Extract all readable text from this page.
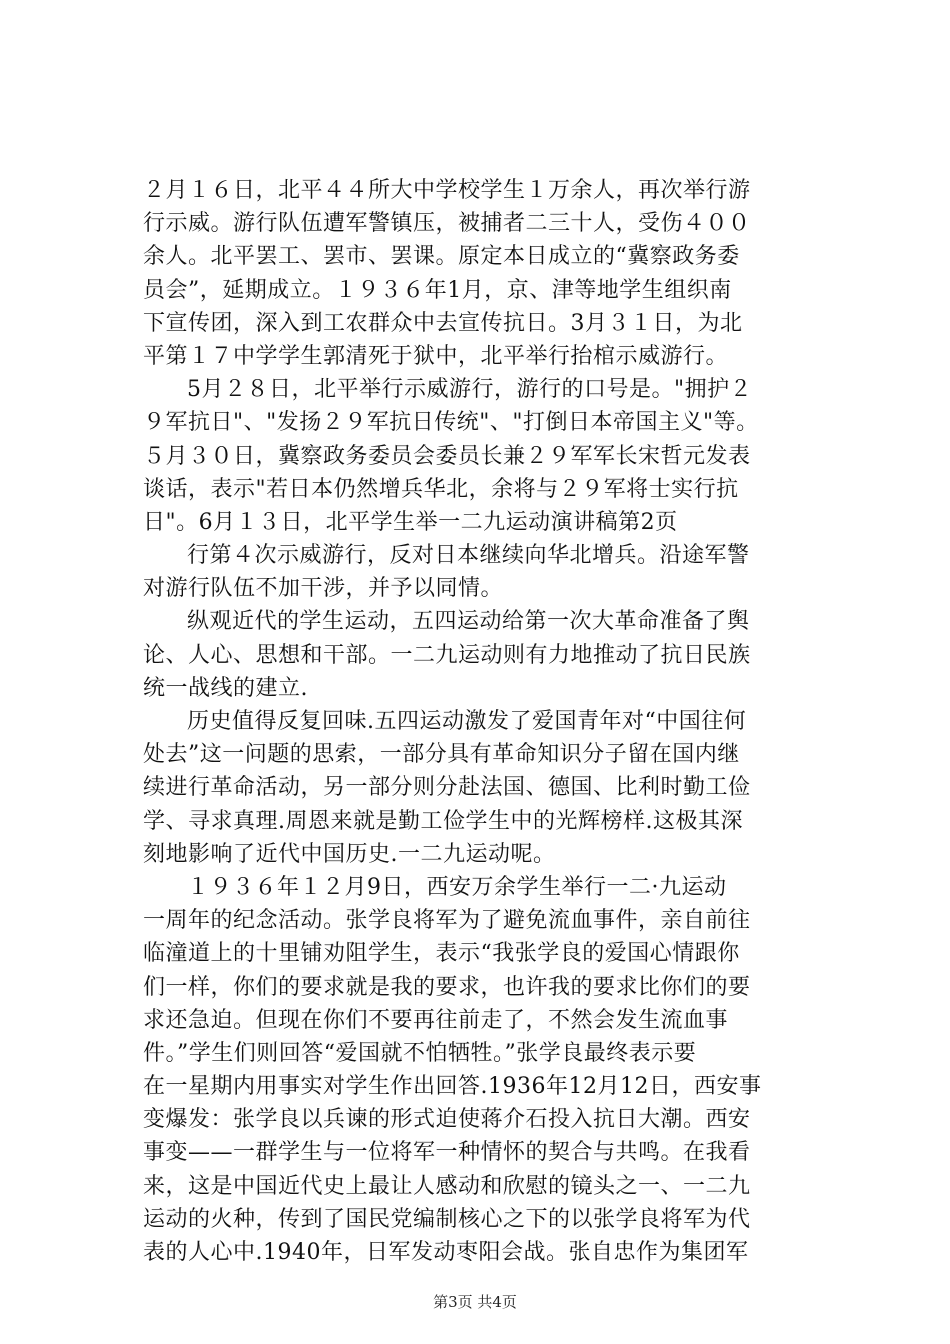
２月１６日，北平４４所大中学校学生１万余人，再次举行游
行示威。游行队伍遭军警镇压，被捕者二三十人，受伤４００
余人。北平罢工、罢市、罢课。原定本日成立的“冀察政务委
员会”，延期成立。１９３６年1月，京、津等地学生组织南
下宣传团，深入到工农群众中去宣传抗日。3月３１日，为北
平第１７中学学生郭清死于狱中，北平举行抬棺示威游行。
5月２８日，北平举行示威游行，游行的口号是。"拥护２
９军抗日"、"发扬２９军抗日传统"、"打倒日本帝国主义"等。
５月３０日，冀察政务委员会委员长兼２９军军长宋哲元发表
谈话，表示"若日本仍然增兵华北，余将与２９军将士实行抗
日"。6月１３日，北平学生举一二九运动演讲稿第2页
行第４次示威游行，反对日本继续向华北增兵。沿途军警
对游行队伍不加干涉，并予以同情。
纵观近代的学生运动，五四运动给第一次大革命准备了舆
论、人心、思想和干部。一二九运动则有力地推动了抗日民族
统一战线的建立.
历史值得反复回味.五四运动激发了爱国青年对“中国往何
处去”这一问题的思索，一部分具有革命知识分子留在国内继
续进行革命活动，另一部分则分赴法国、德国、比利时勤工俭
学、寻求真理.周恩来就是勤工俭学生中的光辉榜样.这极其深
刻地影响了近代中国历史.一二九运动呢。
１９３６年１２月9日，西安万余学生举行一二·九运动
一周年的纪念活动。张学良将军为了避免流血事件，亲自前往
临潼道上的十里铺劝阻学生，表示“我张学良的爱国心情跟你
们一样，你们的要求就是我的要求，也许我的要求比你们的要
求还急迫。但现在你们不要再往前走了，不然会发生流血事
件。”学生们则回答“爱国就不怕牺牲。”张学良最终表示要
在一星期内用事实对学生作出回答.1936年12月12日，西安事
变爆发：张学良以兵谏的形式迫使蒋介石投入抗日大潮。西安
事变——一群学生与一位将军一种情怀的契合与共鸣。在我看
来，这是中国近代史上最让人感动和欣慰的镜头之一、一二九
运动的火种，传到了国民党编制核心之下的以张学良将军为代
表的人心中.1940年，日军发动枣阳会战。张自忠作为集团军
第3页 共4页
